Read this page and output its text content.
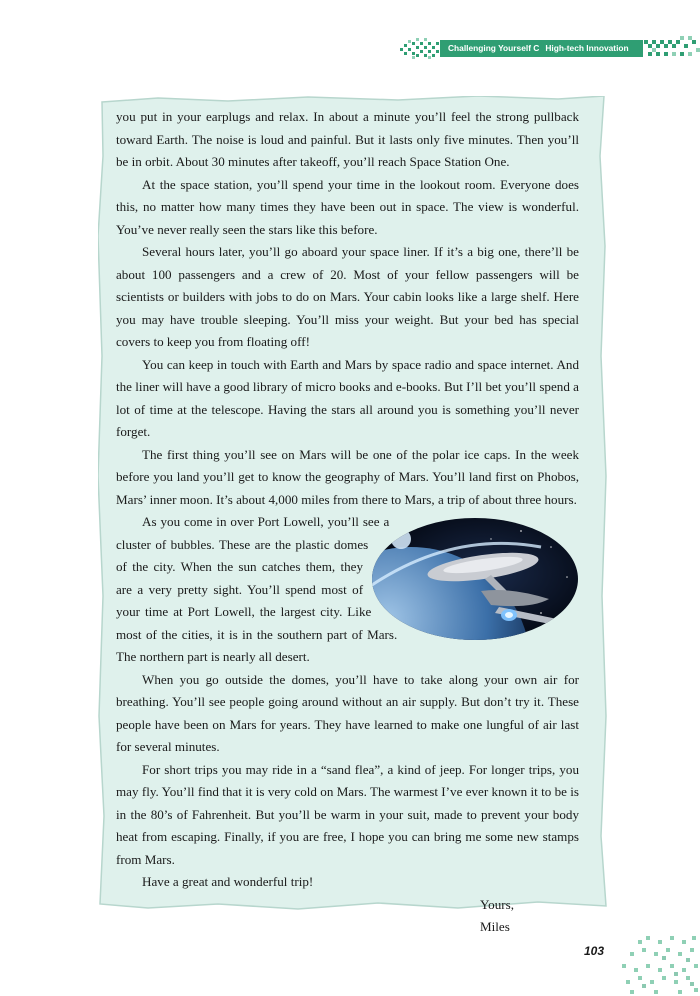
Challenging Yourself C High-tech Innovation

you put in your earplugs and relax. In about a minute you’ll feel the strong pullback toward Earth. The noise is loud and painful. But it lasts only five minutes. Then you’ll be in orbit. About 30 minutes after takeoff, you’ll reach Space Station One.

At the space station, you’ll spend your time in the lookout room. Everyone does this, no matter how many times they have been out in space. The view is wonderful. You’ve never really seen the stars like this before.

Several hours later, you’ll go aboard your space liner. If it’s a big one, there’ll be about 100 passengers and a crew of 20. Most of your fellow passengers will be scientists or builders with jobs to do on Mars. Your cabin looks like a large shelf. Here you may have trouble sleeping. You’ll miss your weight. But your bed has special covers to keep you from floating off!

You can keep in touch with Earth and Mars by space radio and space internet. And the liner will have a good library of micro books and e-books. But I’ll bet you’ll spend a lot of time at the telescope. Having the stars all around you is something you’ll never forget.

The first thing you’ll see on Mars will be one of the polar ice caps. In the week before you land you’ll get to know the geography of Mars. You’ll land first on Phobos, Mars’ inner moon. It’s about 4,000 miles from there to Mars, a trip of about three hours.

As you come in over Port Lowell, you’ll see a cluster of bubbles. These are the plastic domes of the city. When the sun catches them, they are a very pretty sight. You’ll spend most of your time at Port Lowell, the largest city. Like most of the cities, it is in the southern part of Mars. The northern part is nearly all desert.

When you go outside the domes, you’ll have to take along your own air for breathing. You’ll see people going around without an air supply. But don’t try it. These people have been on Mars for years. They have learned to make one lungful of air last for several minutes.

For short trips you may ride in a “sand flea”, a kind of jeep. For longer trips, you may fly. You’ll find that it is very cold on Mars. The warmest I’ve ever known it to be is in the 80’s of Fahrenheit. But you’ll be warm in your suit, made to prevent your body heat from escaping. Finally, if you are free, I hope you can bring me some new stamps from Mars.

Have a great and wonderful trip!

Yours,

Miles

103
